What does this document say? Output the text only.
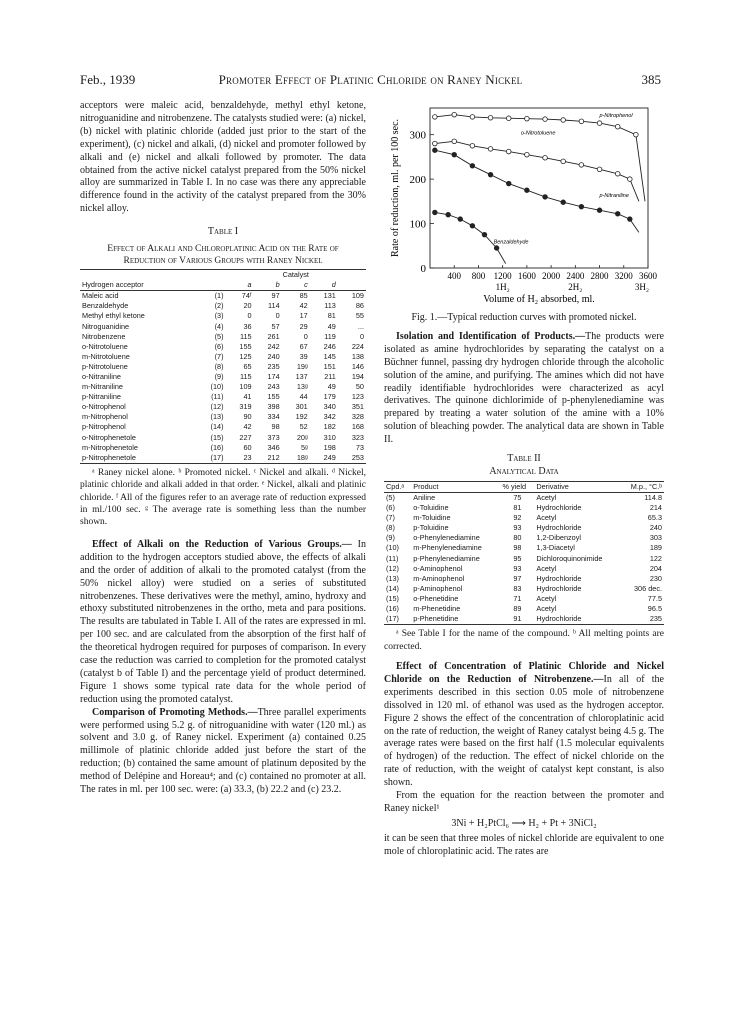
Feb., 1939	Promoter Effect of Platinic Chloride on Raney Nickel	385

acceptors were maleic acid, benzaldehyde, methyl ethyl ketone, nitroguanidine and nitrobenzene. The catalysts studied were: (a) nickel, (b) nickel with platinic chloride (added just prior to the start of the experiment), (c) nickel and alkali, (d) nickel and promoter followed by alkali and (e) nickel and alkali followed by promoter. The data obtained from the active nickel catalyst prepared from the 50% nickel alloy are summarized in Table I. In no case was there any appreciable difference found in the activity of the catalyst prepared from the 30% nickel alloy.

Table I

Effect of Alkali and Chloroplatinic Acid on the Rate of Reduction of Various Groups with Raney Nickel

		Catalyst				
Hydrogen acceptor		a	b	c	d	

Maleic acid	(1)	74ᶠ	97	85	131	109
Benzaldehyde	(2)	20	114	42	113	86
Methyl ethyl ketone	(3)	0	0	17	81	55
Nitroguanidine	(4)	36	57	29	49	...
Nitrobenzene	(5)	115	261	0	119	0
o-Nitrotoluene	(6)	155	242	67	246	224
m-Nitrotoluene	(7)	125	240	39	145	138
p-Nitrotoluene	(8)	65	235	19ᵍ	151	146
o-Nitraniline	(9)	115	174	137	211	194
m-Nitraniline	(10)	109	243	13ᵍ	49	50
p-Nitraniline	(11)	41	155	44	179	123
o-Nitrophenol	(12)	319	398	301	340	351
m-Nitrophenol	(13)	90	334	192	342	328
p-Nitrophenol	(14)	42	98	52	182	168
o-Nitrophenetole	(15)	227	373	20ᵍ	310	323
m-Nitrophenetole	(16)	60	346	5ᵍ	198	73
p-Nitrophenetole	(17)	23	212	18ᵍ	249	253

ᵃ Raney nickel alone. ᵇ Promoted nickel. ᶜ Nickel and alkali. ᵈ Nickel, platinic chloride and alkali added in that order. ᵉ Nickel, alkali and platinic chloride. ᶠ All of the figures refer to an average rate of reduction expressed in ml./100 sec. ᵍ The average rate is something less than the number shown.

Effect of Alkali on the Reduction of Various Groups.— In addition to the hydrogen acceptors studied above, the effects of alkali and the order of addition of alkali to the promoted catalyst (from the 50% nickel alloy) were studied on a series of substituted nitrobenzenes. These derivatives were the methyl, amino, hydroxy and ethoxy substituted nitrobenzenes in the ortho, meta and para positions. The results are tabulated in Table I. All of the rates are expressed in ml. per 100 sec. and are calculated from the absorption of the first half of the theoretical hydrogen required for purposes of comparison. In every case the reduction was carried to completion for the promoted catalyst (catalyst b of Table I) and the percentage yield of product determined. Figure 1 shows some typical rate data for the whole period of reduction using the promoted catalyst.

Comparison of Promoting Methods.—Three parallel experiments were performed using 5.2 g. of nitroguanidine with water (120 ml.) as solvent and 3.0 g. of Raney nickel. Experiment (a) contained 0.25 millimole of platinic chloride added just before the start of the reduction; (b) contained the same amount of platinum deposited by the method of Delépine and Horeau⁴; and (c) contained no promoter at all. The rates in ml. per 100 sec. were: (a) 33.3, (b) 22.2 and (c) 23.2.

0
100
200
300
400 800 1200 1600 2000 2400 2800 3200 3600
1H₂	2H₂	3H₂
Volume of H₂ absorbed, ml.
Rate of reduction, ml. per 100 sec.
p-Nitrophenol
o-Nitrotoluene
p-Nitraniline
Benzaldehyde

Fig. 1.—Typical reduction curves with promoted nickel.

Isolation and Identification of Products.—The products were isolated as amine hydrochlorides by separating the catalyst on a Büchner funnel, passing dry hydrogen chloride through the alcoholic solution of the amine, and purifying. The amines which did not have readily identifiable hydrochlorides were characterized as acyl derivatives. The quinone dichlorimide of p-phenylenediamine was prepared by treating a water solution of the amine with a 10% solution of bleaching powder. The analytical data are shown in Table II.

Table II

Analytical Data

Cpd.ᵃ	Product	% yield	Derivative	M.p., °C.ᵇ

(5)	Aniline	75	Acetyl	114.8
(6)	o-Toluidine	81	Hydrochloride	214
(7)	m-Toluidine	92	Acetyl	65.3
(8)	p-Toluidine	93	Hydrochloride	240
(9)	o-Phenylenediamine	80	1,2-Dibenzoyl	303
(10)	m-Phenylenediamine	98	1,3-Diacetyl	189
(11)	p-Phenylenediamine	95	Dichloroquinonimide	122
(12)	o-Aminophenol	93	Acetyl	204
(13)	m-Aminophenol	97	Hydrochloride	230
(14)	p-Aminophenol	83	Hydrochloride	306 dec.
(15)	o-Phenetidine	71	Acetyl	77.5
(16)	m-Phenetidine	89	Acetyl	96.5
(17)	p-Phenetidine	91	Hydrochloride	235

ᵃ See Table I for the name of the compound. ᵇ All melting points are corrected.

Effect of Concentration of Platinic Chloride and Nickel Chloride on the Reduction of Nitrobenzene.—In all of the experiments described in this section 0.05 mole of nitrobenzene dissolved in 120 ml. of ethanol was used as the hydrogen acceptor. Figure 2 shows the effect of the concentration of chloroplatinic acid on the rate of reduction, the weight of Raney catalyst being 4.5 g. The average rates were based on the first half (1.5 molecular equivalents of hydrogen) of the reduction. The effect of nickel chloride on the rate of reduction, with the weight of catalyst kept constant, is also shown.

From the equation for the reaction between the promoter and Raney nickel¹

3Ni + H₂PtCl₆ ⟶ H₂ + Pt + 3NiCl₂

it can be seen that three moles of nickel chloride are equivalent to one mole of chloroplatinic acid. The rates are
